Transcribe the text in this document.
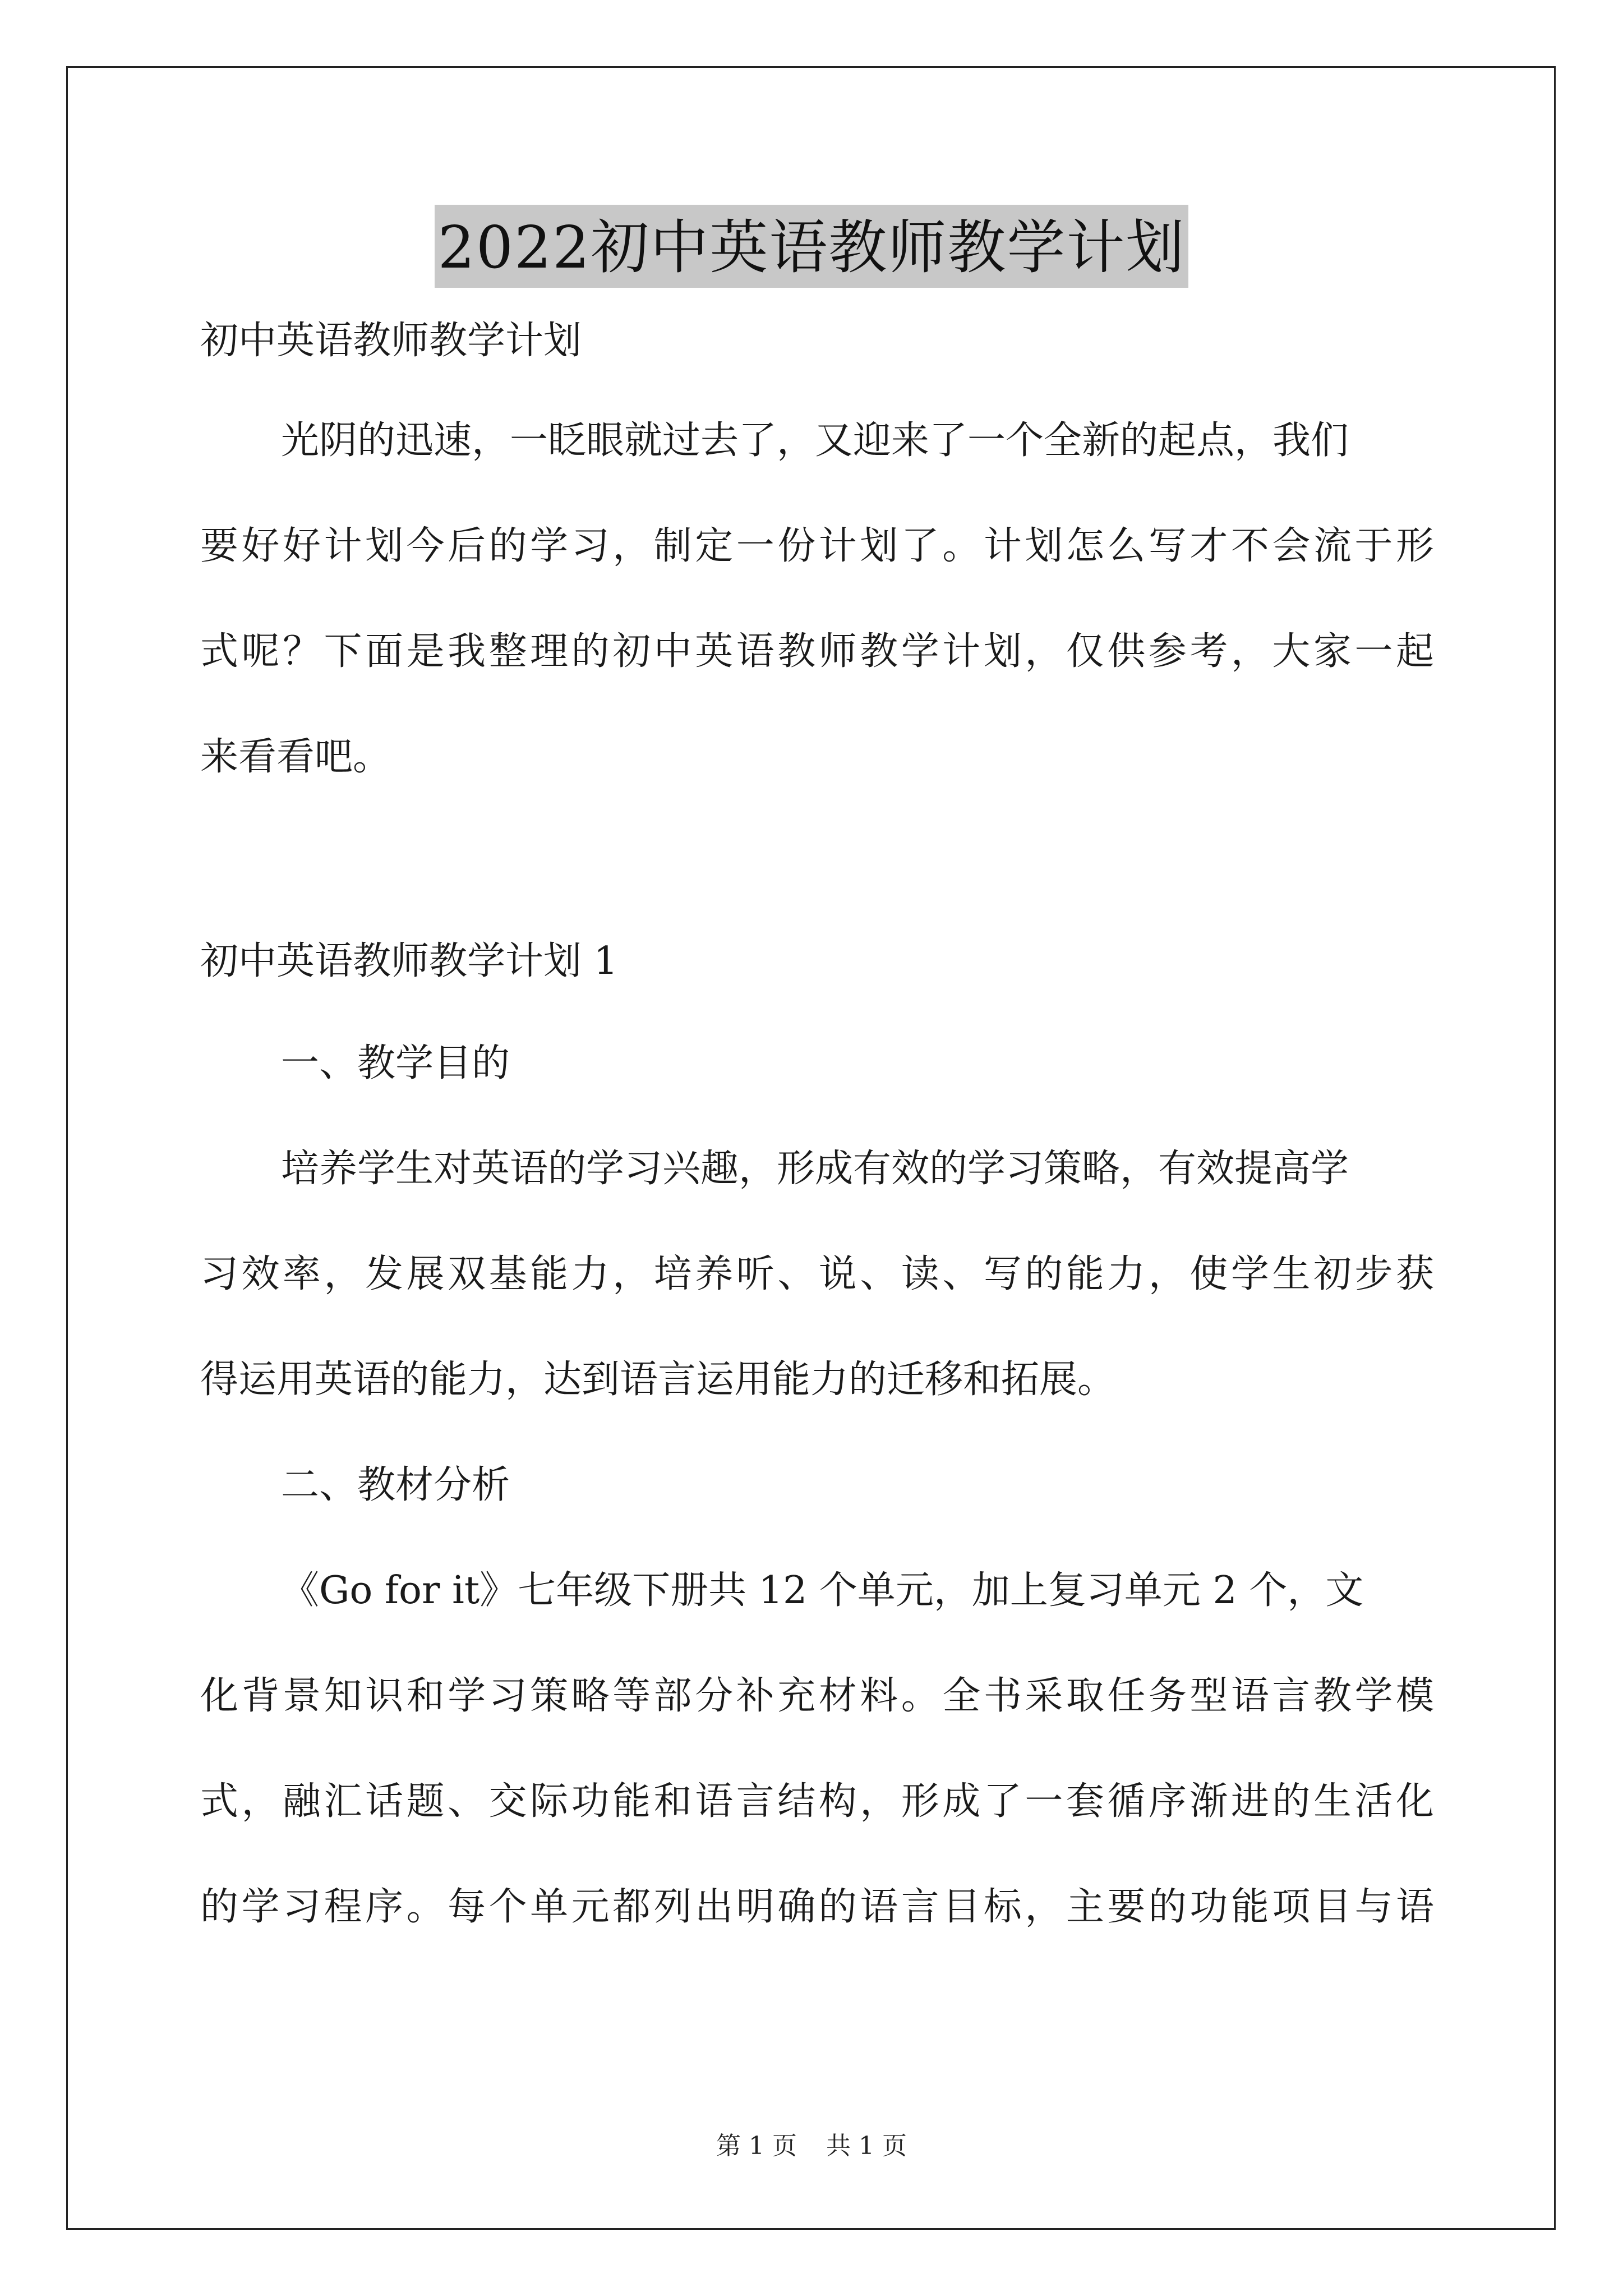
2022初中英语教师教学计划
初中英语教师教学计划
光阴的迅速，一眨眼就过去了，又迎来了一个全新的起点，我们
要好好计划今后的学习，制定一份计划了。计划怎么写才不会流于形
式呢？下面是我整理的初中英语教师教学计划，仅供参考，大家一起
来看看吧。
初中英语教师教学计划 1
一、教学目的
培养学生对英语的学习兴趣，形成有效的学习策略，有效提高学
习效率，发展双基能力，培养听、说、读、写的能力，使学生初步获
得运用英语的能力，达到语言运用能力的迁移和拓展。
二、教材分析
《Go for it》七年级下册共 12 个单元，加上复习单元 2 个，文
化背景知识和学习策略等部分补充材料。全书采取任务型语言教学模
式，融汇话题、交际功能和语言结构，形成了一套循序渐进的生活化
的学习程序。每个单元都列出明确的语言目标，主要的功能项目与语
第 1 页 共 1 页
